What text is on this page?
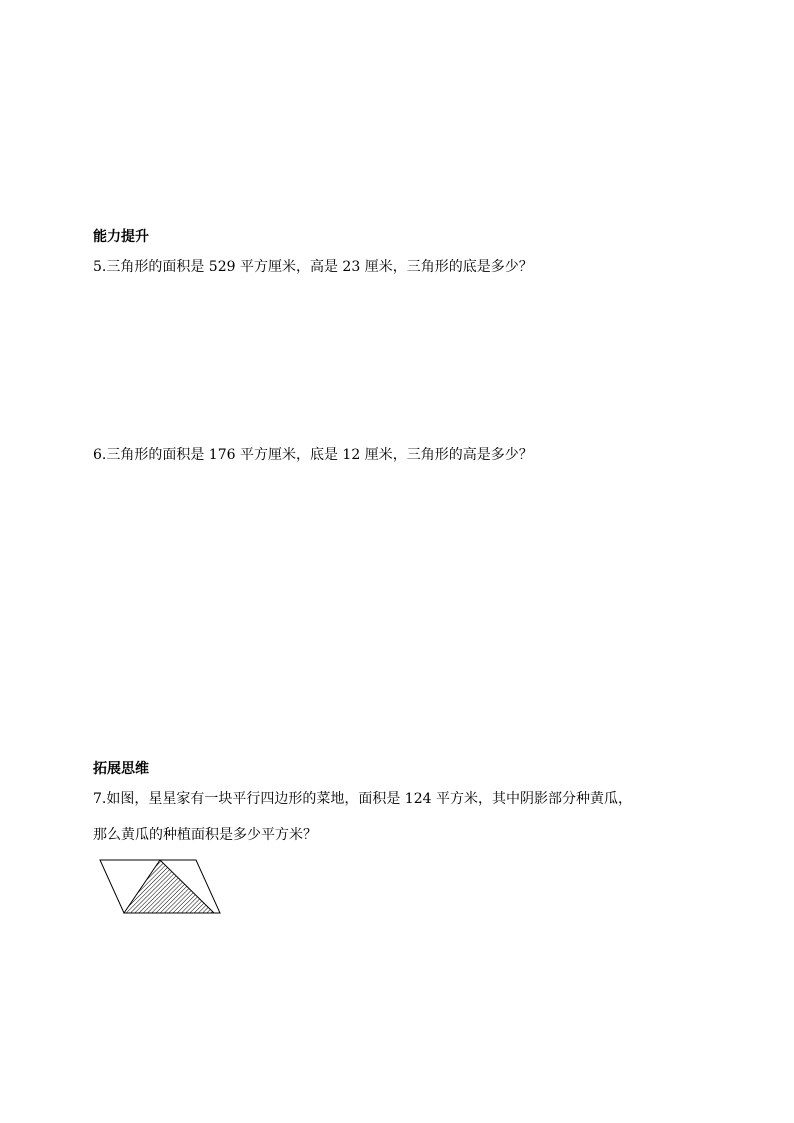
能力提升

5.三角形的面积是 529 平方厘米，高是 23 厘米，三角形的底是多少？

6.三角形的面积是 176 平方厘米，底是 12 厘米，三角形的高是多少？

拓展思维

7.如图，星星家有一块平行四边形的菜地，面积是 124 平方米，其中阴影部分种黄瓜，

那么黄瓜的种植面积是多少平方米？
